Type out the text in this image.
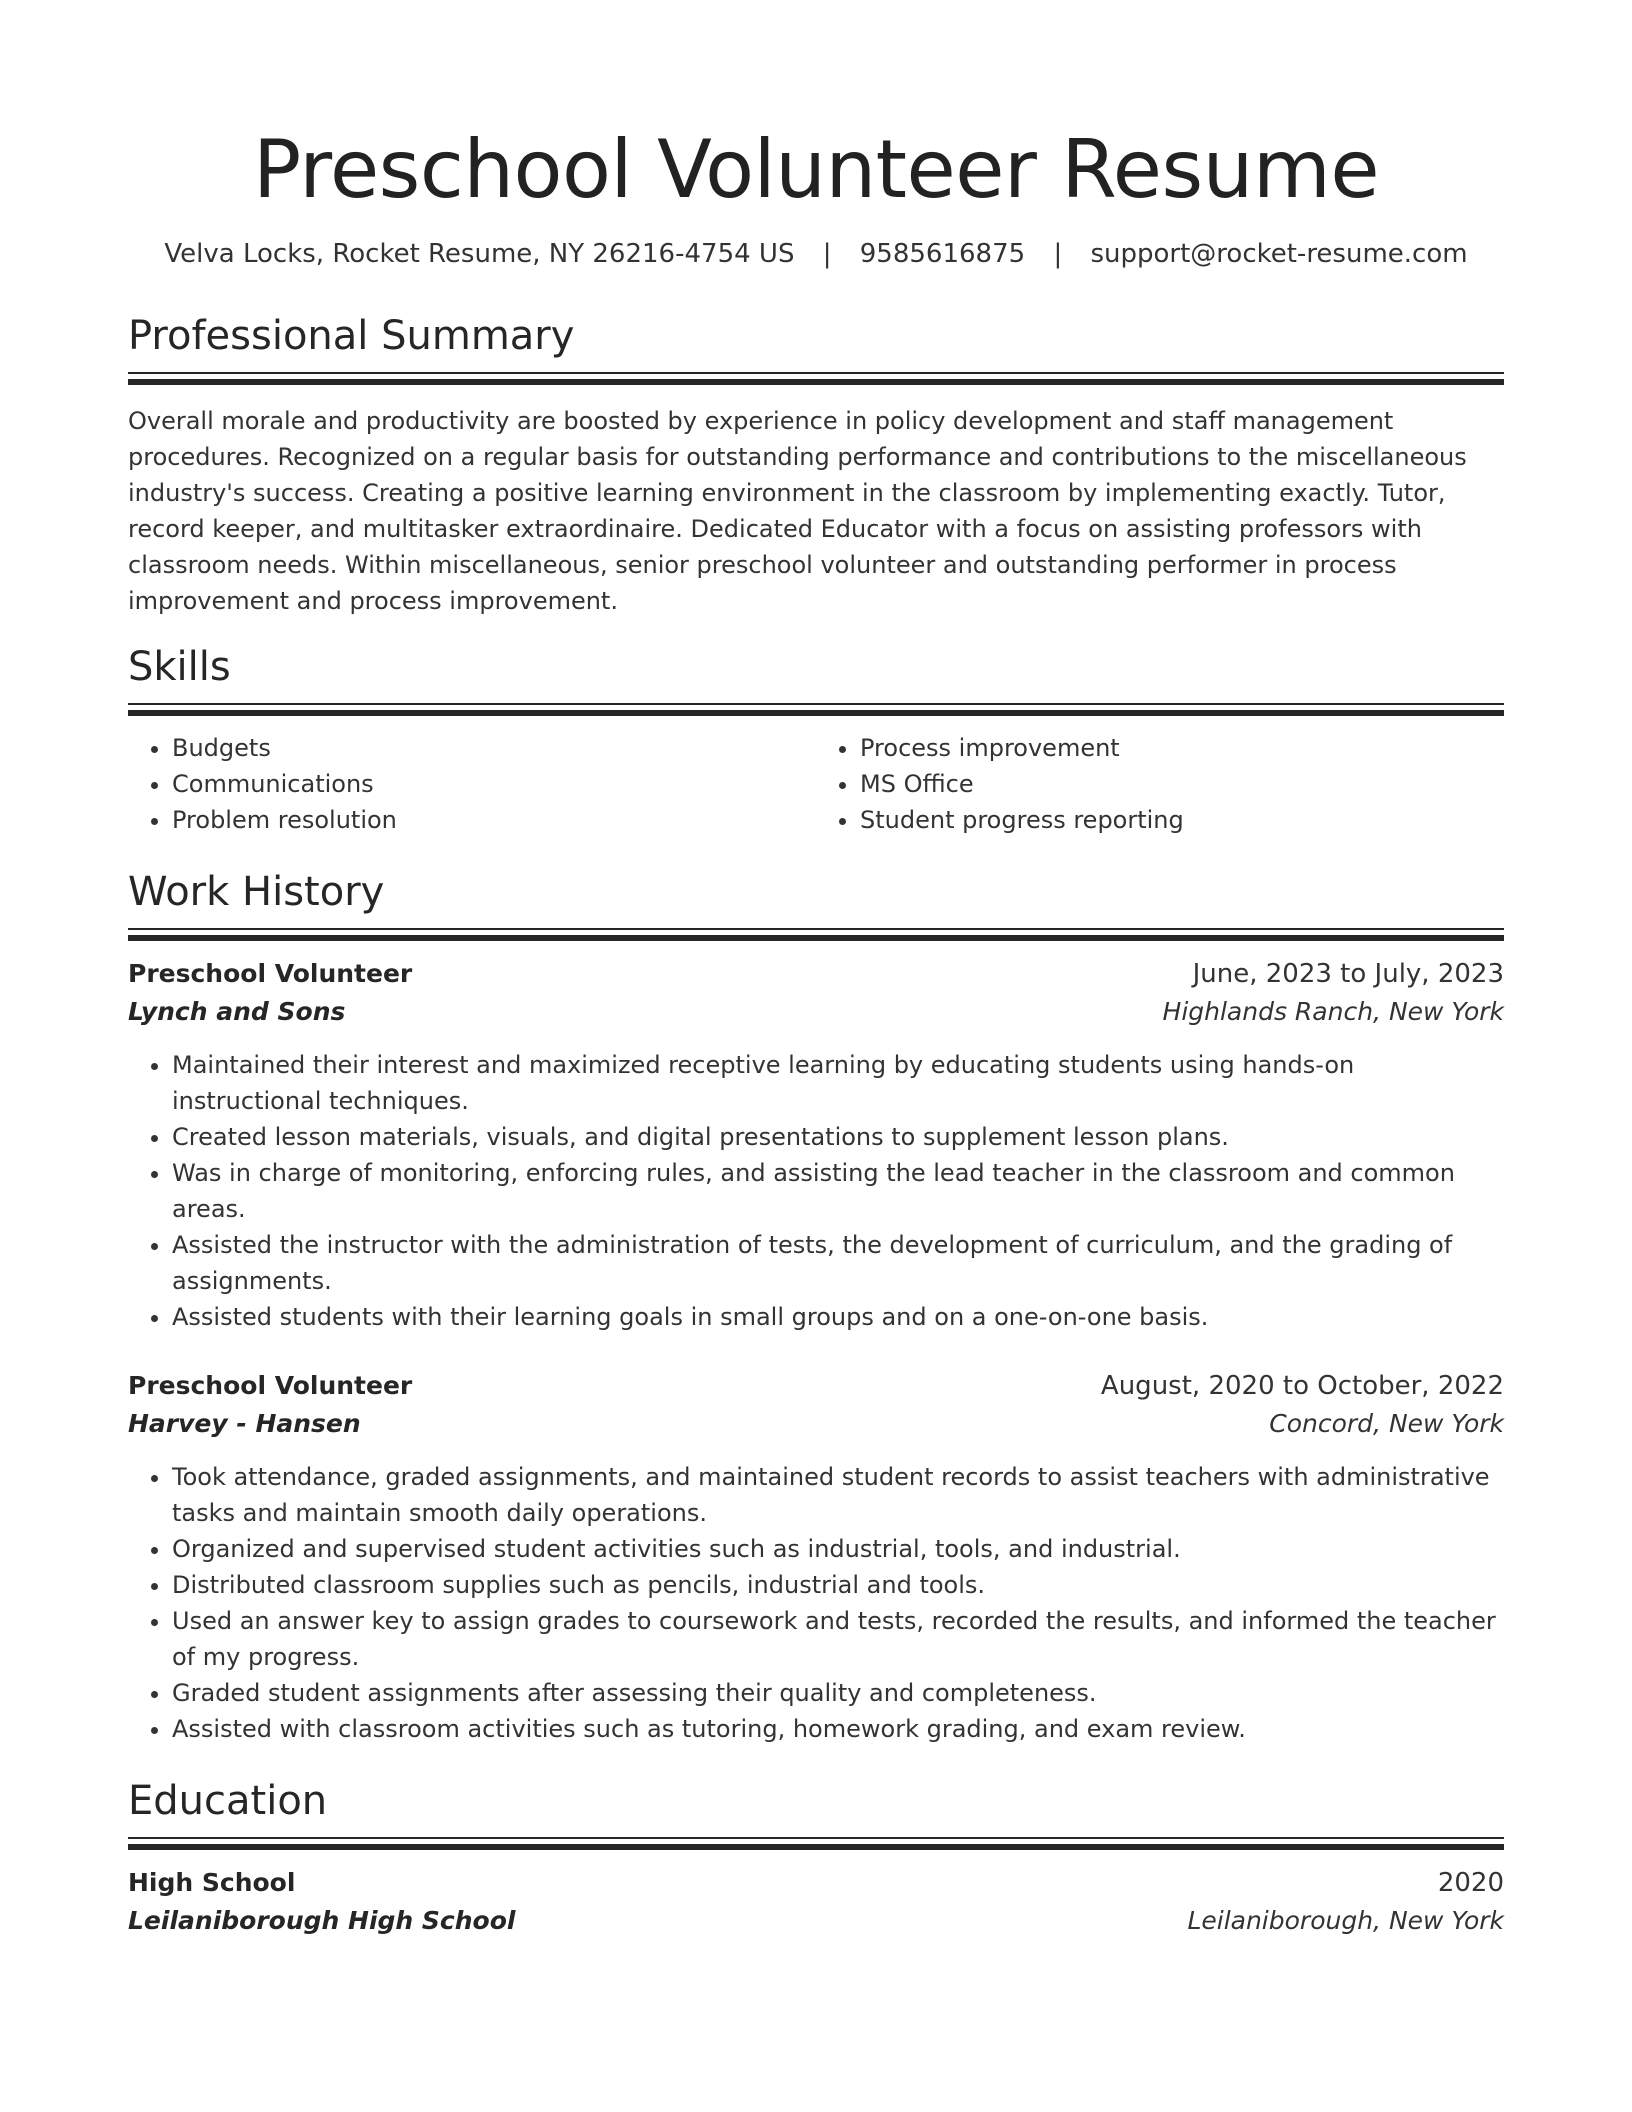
Preschool Volunteer Resume
Velva Locks, Rocket Resume, NY 26216-4754 US | 9585616875 | support@rocket-resume.com
Professional Summary

Overall morale and productivity are boosted by experience in policy development and staff management procedures. Recognized on a regular basis for outstanding performance and contributions to the miscellaneous industry's success. Creating a positive learning environment in the classroom by implementing exactly. Tutor, record keeper, and multitasker extraordinaire. Dedicated Educator with a focus on assisting professors with classroom needs. Within miscellaneous, senior preschool volunteer and outstanding performer in process improvement and process improvement.

Skills
• Budgets
• Communications
• Problem resolution
• Process improvement
• MS Office
• Student progress reporting
Work History
Preschool Volunteer	June, 2023 to July, 2023
Lynch and Sons	Highlands Ranch, New York
• Maintained their interest and maximized receptive learning by educating students using hands-on instructional techniques.
• Created lesson materials, visuals, and digital presentations to supplement lesson plans.
• Was in charge of monitoring, enforcing rules, and assisting the lead teacher in the classroom and common areas.
• Assisted the instructor with the administration of tests, the development of curriculum, and the grading of assignments.
• Assisted students with their learning goals in small groups and on a one-on-one basis.
Preschool Volunteer	August, 2020 to October, 2022
Harvey - Hansen	Concord, New York
• Took attendance, graded assignments, and maintained student records to assist teachers with administrative tasks and maintain smooth daily operations.
• Organized and supervised student activities such as industrial, tools, and industrial.
• Distributed classroom supplies such as pencils, industrial and tools.
• Used an answer key to assign grades to coursework and tests, recorded the results, and informed the teacher of my progress.
• Graded student assignments after assessing their quality and completeness.
• Assisted with classroom activities such as tutoring, homework grading, and exam review.
Education
High School	2020
Leilaniborough High School	Leilaniborough, New York
